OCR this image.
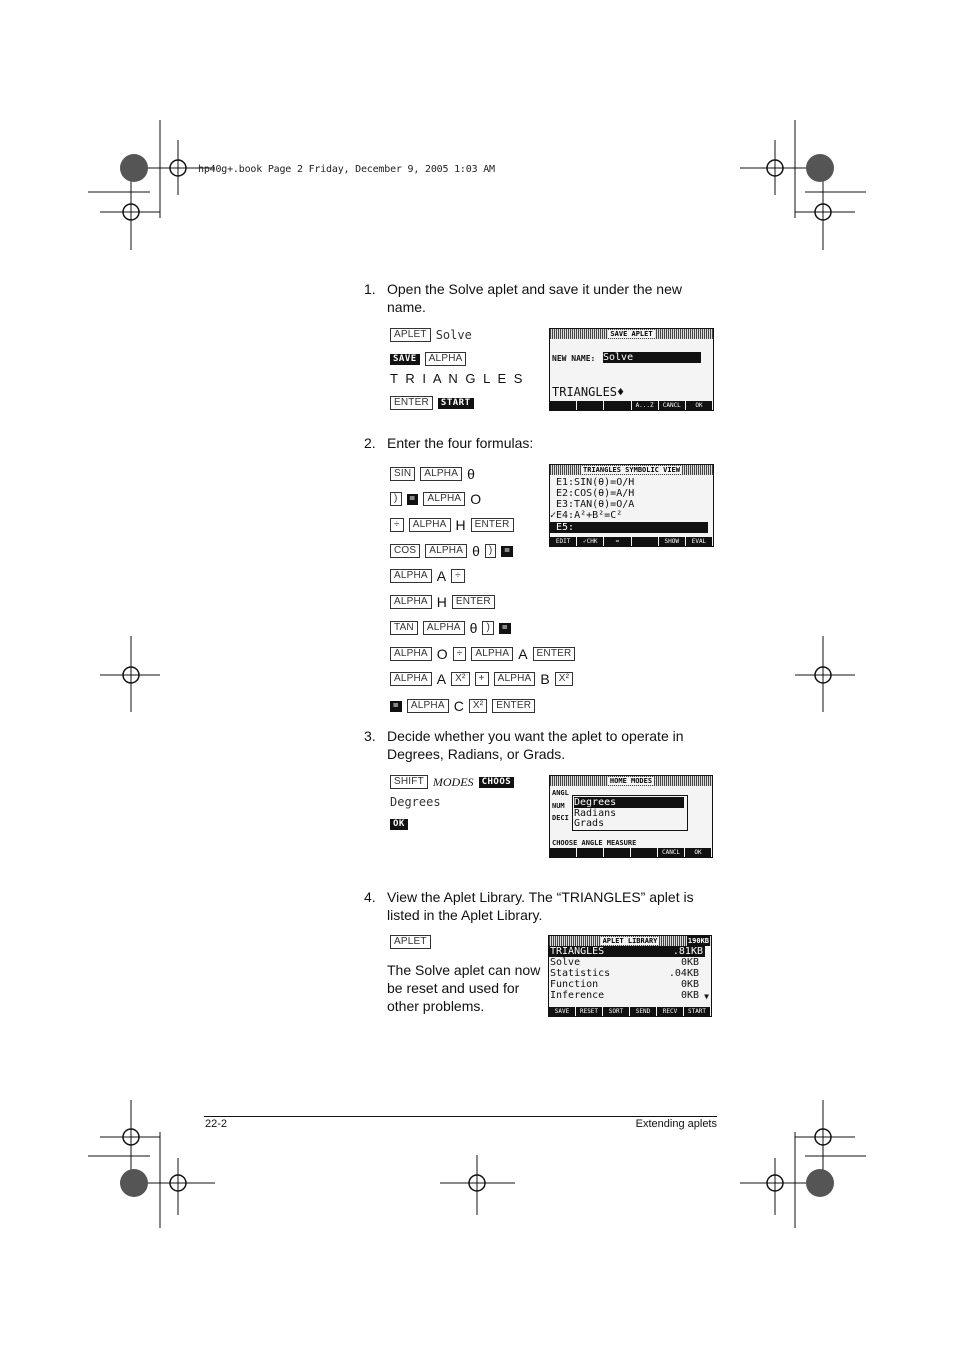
hp40g+.book Page 2 Friday, December 9, 2005 1:03 AM
1. Open the Solve aplet and save it under the new name.
APLET Solve
SAVE	ALPHA
T R I A N G L E S
ENTER	START
SAVE APLET
NEW NAME: Solve
TRIANGLES♦
A...Z	CANCL	OK
2. Enter the four formulas:
SIN	ALPHA θ
)	=	ALPHA O
÷	ALPHA H ENTER
COS	ALPHA θ )	=
ALPHA A ÷
ALPHA H ENTER
TAN	ALPHA θ )	=
ALPHA O ÷	ALPHA A ENTER
ALPHA A X²	+	ALPHA B X²
=	ALPHA C X²	ENTER
TRIANGLES SYMBOLIC VIEW
E1:SIN(θ)=O/H
E2:COS(θ)=A/H
E3:TAN(θ)=O/A
✓E4:A²+B²=C²
E5:	▼
EDIT	✓CHK	=	SHOW	EVAL
3. Decide whether you want the aplet to operate in Degrees, Radians, or Grads.
SHIFT MODES CHOOS
Degrees
OK
HOME MODES
ANGL
NUM
DECI
Degrees
Radians
Grads
CHOOSE ANGLE MEASURE
CANCL	OK
4. View the Aplet Library. The “TRIANGLES” aplet is listed in the Aplet Library.
APLET
The Solve aplet can now be reset and used for other problems.
APLET LIBRARY	190KB
TRIANGLES	.81KB
Solve	0KB
Statistics	.04KB
Function	0KB
Inference	0KB ▼
SAVE	RESET	SORT	SEND	RECV	START
22-2	Extending aplets
